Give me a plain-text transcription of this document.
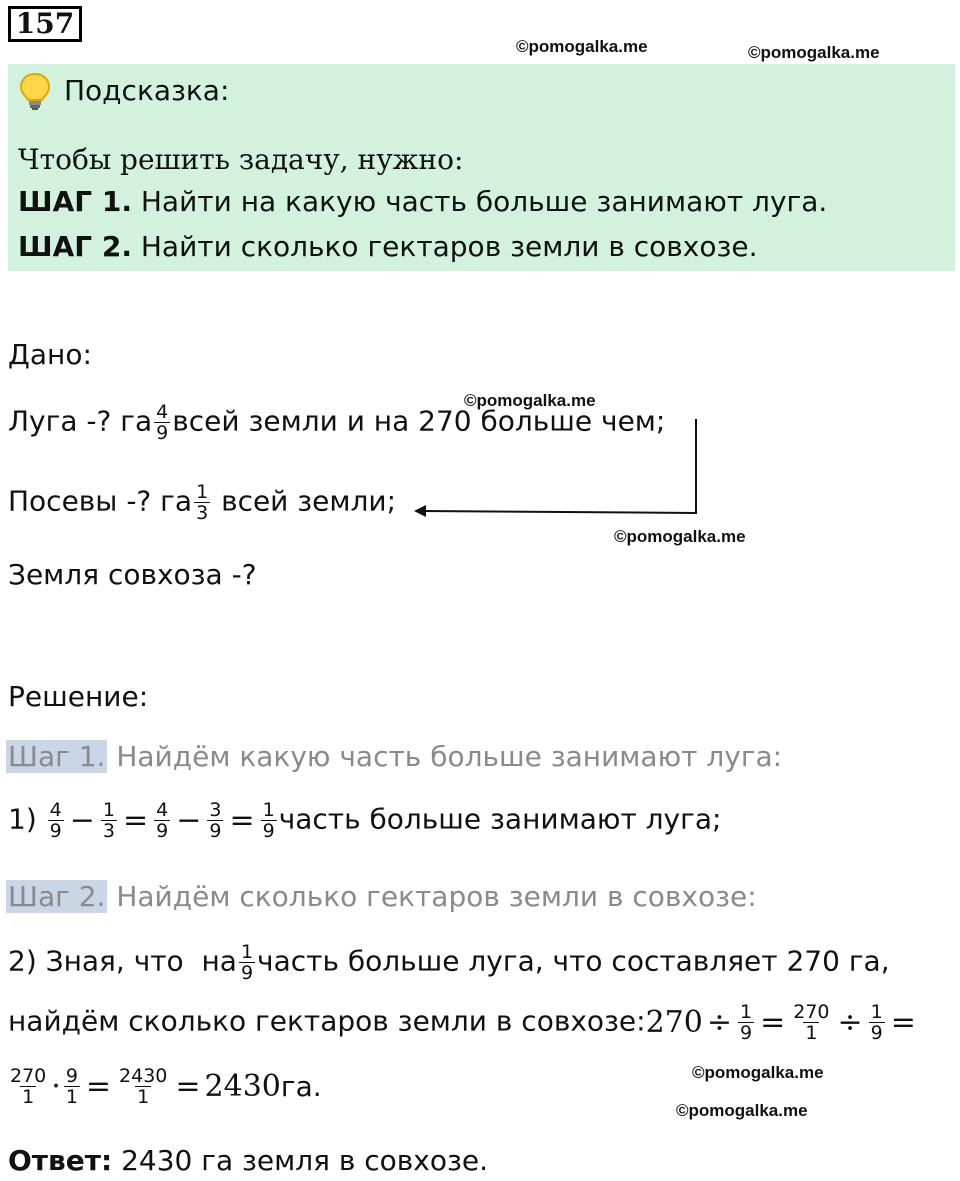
157
©pomogalka.me	©pomogalka.me
Подсказка:
Чтобы решить задачу, нужно:
ШАГ 1. Найти на какую часть больше занимают луга.
ШАГ 2. Найти сколько гектаров земли в совхозе.
Дано:
©pomogalka.me
Луга -? га $\frac{4}{9}$ всей земли и на 270 больше чем;
Посевы -? га $\frac{1}{3}$ всей земли;
©pomogalka.me
Земля совхоза -?
Решение:
Шаг 1. Найдём какую часть больше занимают луга:
$1) \frac{4}{9} - \frac{1}{3} = \frac{4}{9} - \frac{3}{9} = \frac{1}{9}$ часть больше занимают луга;
Шаг 2. Найдём сколько гектаров земли в совхозе:
2) Зная, что  на $\frac{1}{9}$ часть больше луга, что составляет 270 га,
найдём сколько гектаров земли в совхозе:270 ÷ $\frac{1}{9} = \frac{270}{1} \div \frac{1}{9}$ =
$\frac{270}{1} \cdot \frac{9}{1} = \frac{2430}{1} = 2430га$.	©pomogalka.me
©pomogalka.me
Ответ: 2430 га земля в совхозе.
